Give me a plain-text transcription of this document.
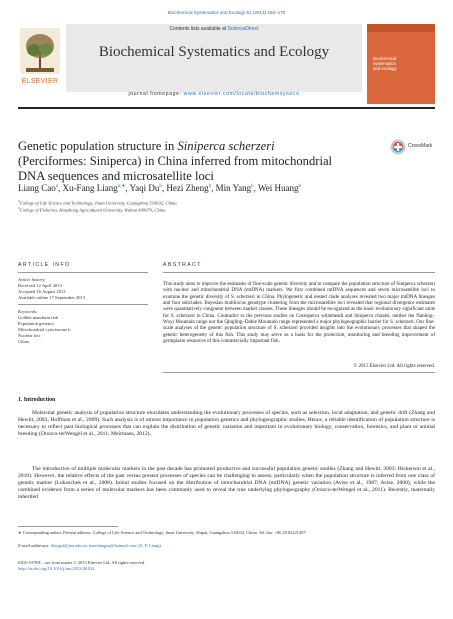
Biochemical Systematics and Ecology 51 (2013) 160–170
ELSEVIER
Contents lists available at ScienceDirect
Biochemical Systematics and Ecology
journal homepage: www.elsevier.com/locate/biochemsyseco
biochemical
systematics
and ecology
Genetic population structure in Siniperca scherzeri
(Perciformes: Siniperca) in China inferred from mitochondrial
DNA sequences and microsatellite loci
CrossMark
Liang Cao$^a$, Xu-Fang Liang$^{a,∗}$, Yaqi Du$^b$, Hezi Zheng$^b$, Min Yang$^b$, Wei Huang$^b$
$^a$College of Life Science and Technology, Jinan University, Guangzhou 510632, China
$^b$College of Fisheries, Huazhong Agricultural University, Wuhan 430070, China
ARTICLE INFO	ABSTRACT
Article history:
Received 12 April 2013
Accepted 16 August 2013
Available online 17 September 2013
Keywords:
Golden mandarin fish
Population genetics
Mitochondrial cytochrome b
Nuclear loci
China
This study aims to improve the estimates of fine-scale genetic diversity and to compare the population structure of Siniperca scherzeri with nuclear and mitochondrial DNA (mtDNA) markers. We first combined mtDNA sequences and seven microsatellite loci to examine the genetic diversity of S. scherzeri in China. Phylogenetic and nested clade analyses revealed two major mtDNA lineages and four subclades. Bayesian multilocus genotype clustering from the microsatellite loci revealed that regional divergence estimates were quantitatively congruent between marker classes. These lineages should be recognized as the basic evolutionary significant units for S. scherzeri in China. Contradict to the previous studies on Coreoperca whiteheadi and Siniperca chuatsi, neither the Nanling–Wuyi Mountain range nor the Qingling–Dabie Mountain range represented a major phylogeographic barrier for S. scherzeri. Our fine-scale analyses of the genetic population structure of S. scherzeri provided insights into the evolutionary processes that shaped the genetic heterogeneity of this fish. This study may serve as a basis for the protection, monitoring and breeding improvement of germplasm resources of this commercially important fish.
© 2013 Elsevier Ltd. All rights reserved.
1. Introduction
Molecular genetic analysis of population structure elucidates understanding the evolutionary processes of species, such as selection, local adaptation, and genetic drift (Zhang and Hewitt, 2003; Hoffman et al., 2009). Such analysis is of utmost importance in population genetics and phylogeographic studies. Hence, a reliable identification of population structure is necessary to reflect past biological processes that can explain the distribution of genetic variation and important in evolutionary biology, conservation, forensics, and plant or animal breeding (Orozco-terWengel et al., 2011; Meirmans, 2012).
The introduction of multiple molecular markers in the past decade has promoted productive and successful population genetic studies (Zhang and Hewitt, 2003; Hickerson et al., 2010). However, the relative effects of the past versus present processes of species can be challenging to assess, particularly when the population structure is inferred from one class of genetic marker (Lukoschek et al., 2008). Initial studies focused on the distribution of mitochondrial DNA (mtDNA) genetic variation (Avise et al., 1987; Avise, 2000), while the combined evidence from a series of molecular markers has been commonly used to reveal the true underlying phylogeography (Orozco-terWengel et al., 2011). Recently, maternally inherited
∗ Corresponding author. Present address: College of Life Science and Technology, Jinan University, Shipai, Guangzhou 510632, China. Tel./fax: +86 20 85221497.
E-mail addresses: tliangxf@jnu.edu.cn, tianchangxu@hotmail.com (X.-F. Liang).
0305-1978/$ – see front matter © 2013 Elsevier Ltd. All rights reserved.
http://dx.doi.org/10.1016/j.bse.2013.08.024
